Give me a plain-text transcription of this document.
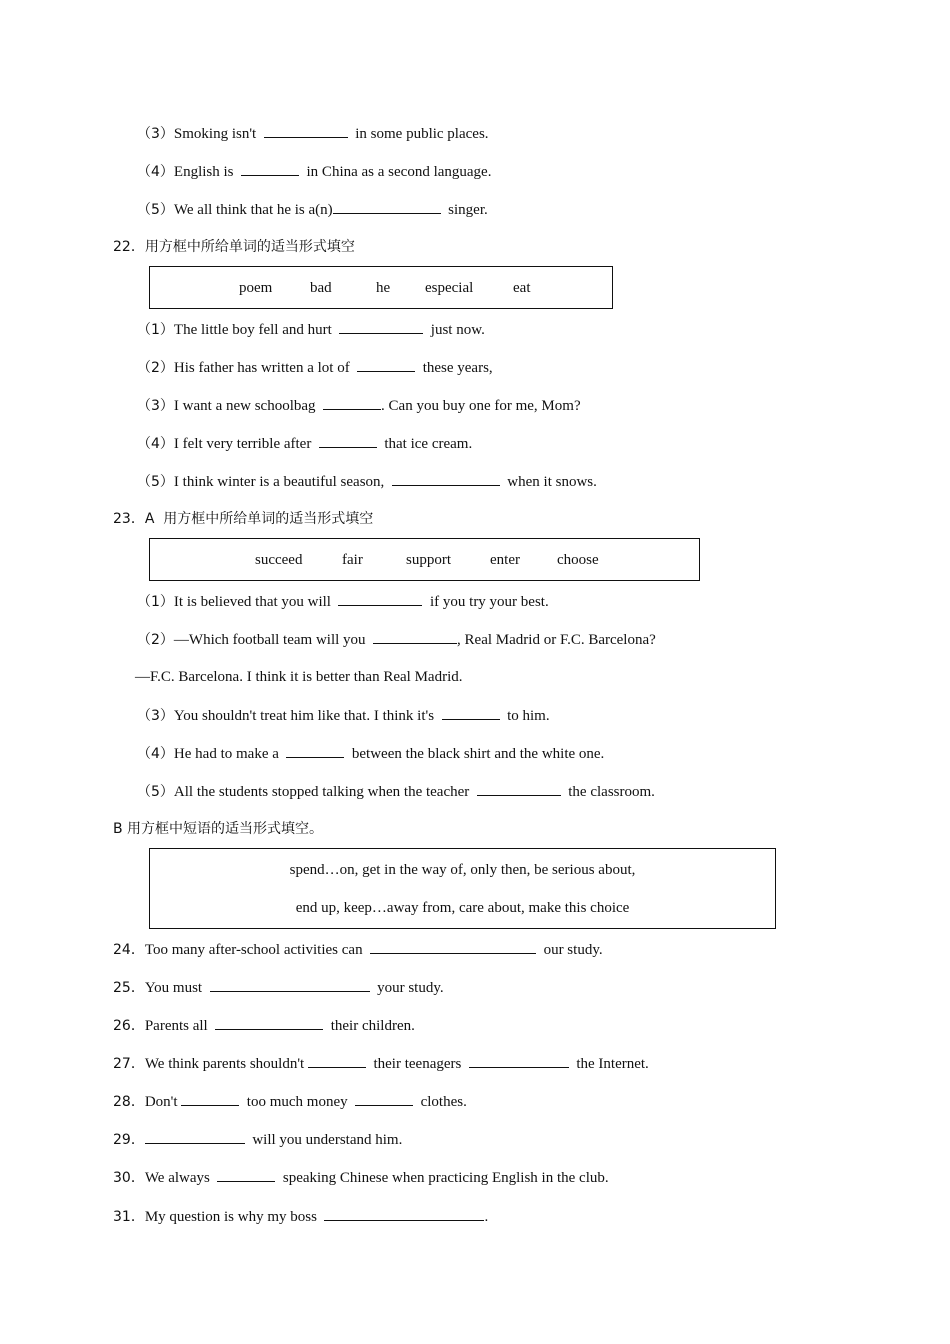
（3）Smoking isn't	in some public places.
（4）English is	in China as a second language.
（5）We all think that he is a(n)	singer.
22．用方框中所给单词的适当形式填空
poem	bad	he especial	eat
（1）The little boy fell and hurt	just now.
（2）His father has written a lot of	these years,
（3）I want a new schoolbag	. Can you buy one for me, Mom?
（4）I felt very terrible after	that ice cream.
（5）I think winter is a beautiful season,	when it snows.
23．A  用方框中所给单词的适当形式填空
succeed	fair	support	enter choose
（1）It is believed that you will	if you try your best.
（2）—Which football team will you	, Real Madrid or F.C. Barcelona?
—F.C. Barcelona. I think it is better than Real Madrid.
（3）You shouldn't treat him like that. I think it's	to him.
（4）He had to make a	between the black shirt and the white one.
（5）All the students stopped talking when the teacher	the classroom.
B 用方框中短语的适当形式填空。
spend…on, get in the way of, only then, be serious about,
end up, keep…away from, care about, make this choice
24．Too many after-school activities can	our study.
25．You must	your study.
26．Parents all	their children.
27．We think parents shouldn't	their teenagers	the Internet.
28．Don't	too much money	clothes.
29．	will you understand him.
30．We always	speaking Chinese when practicing English in the club.
31．My question is why my boss	.
